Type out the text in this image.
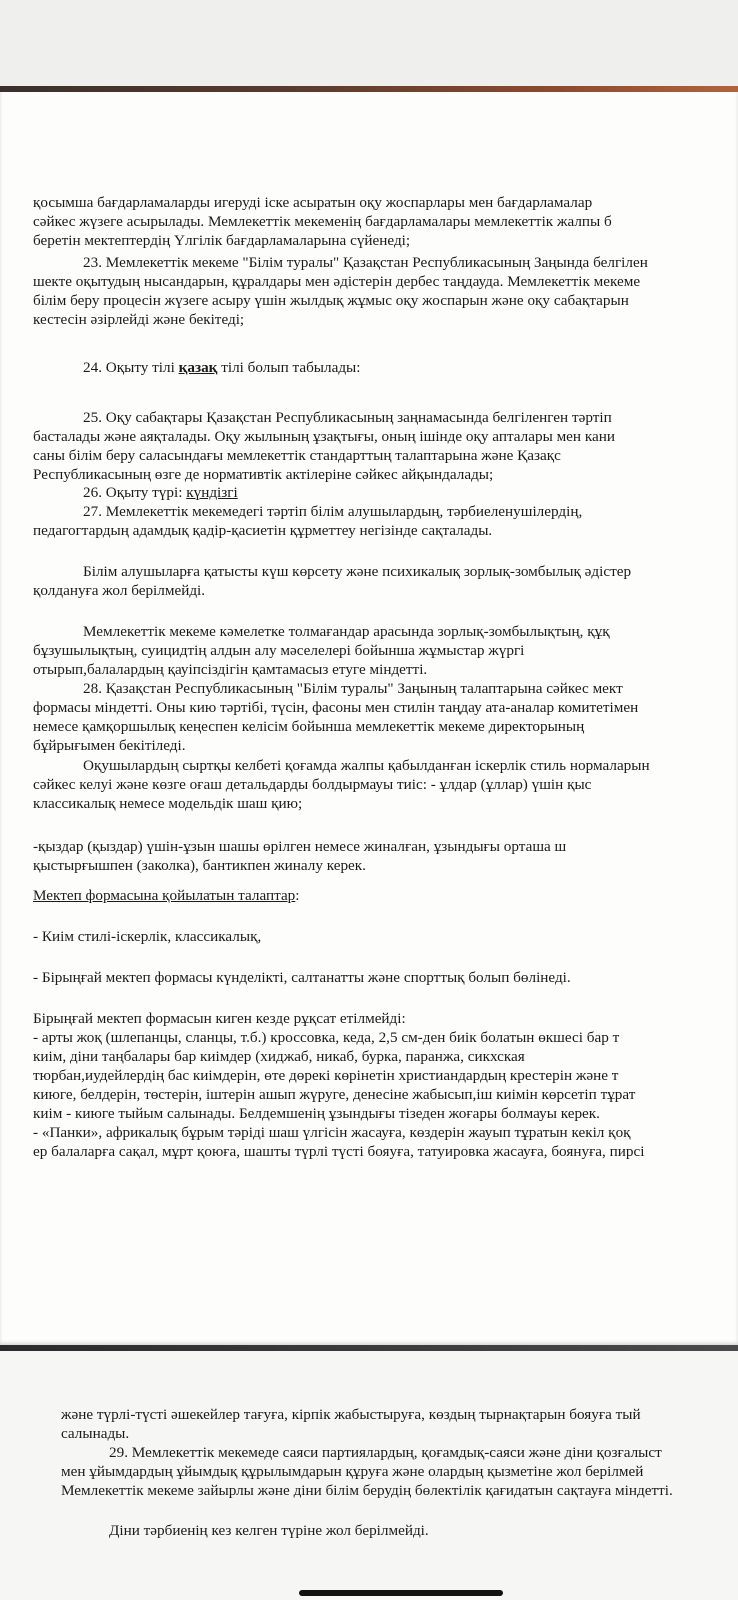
қосымша бағдарламаларды игеруді іске асыратын оқу жоспарлары мен бағдарламалар

сәйкес жүзеге асырылады. Мемлекеттік мекеменің бағдарламалары мемлекеттік жалпы б

беретін мектептердің Үлгілік бағдарламаларына сүйенеді;

23. Мемлекеттік мекеме "Білім туралы" Қазақстан Республикасының Заңында белгілен

шекте оқытудың нысандарын, құралдары мен әдістерін дербес таңдауда. Мемлекеттік мекеме

білім беру процесін жүзеге асыру үшін жылдық жұмыс оқу жоспарын және оқу сабақтарын

кестесін әзірлейді және бекітеді;

24. Оқыту тілі қазақ тілі болып табылады:

25. Оқу сабақтары Қазақстан Республикасының заңнамасында белгіленген тәртіп

басталады және аяқталады. Оқу жылының ұзақтығы, оның ішінде оқу апталары мен кани

саны білім беру саласындағы мемлекеттік стандарттың талаптарына және Қазақс

Республикасының өзге де нормативтік актілеріне сәйкес айқындалады;

26. Оқыту түрі: күндізгі

27. Мемлекеттік мекемедегі тәртіп білім алушылардың, тәрбиеленушілердің,

педагогтардың адамдық қадір-қасиетін құрметтеу негізінде сақталады.

Білім алушыларға қатысты күш көрсету және психикалық зорлық-зомбылық әдістер

қолдануға жол берілмейді.

Мемлекеттік мекеме кәмелетке толмағандар арасында зорлық-зомбылықтың, құқ

бұзушылықтың, суицидтің алдын алу мәселелері бойынша жұмыстар жүргі

отырып,балалардың қауіпсіздігін қамтамасыз етуге міндетті.

28. Қазақстан Республикасының "Білім туралы" Заңының талаптарына сәйкес мект

формасы міндетті. Оны кию тәртібі, түсін, фасоны мен стилін таңдау ата-аналар комитетімен

немесе қамқоршылық кеңеспен келісім бойынша мемлекеттік мекеме директорының

бұйрығымен бекітіледі.

Оқушылардың сыртқы келбеті қоғамда жалпы қабылданған іскерлік стиль нормаларын

сәйкес келуі және көзге оғаш детальдарды болдырмауы тиіс: - ұлдар (ұллар) үшін қыс

классикалық немесе модельдік шаш қию;

-қыздар (қыздар) үшін-ұзын шашы өрілген немесе жиналған, ұзындығы орташа ш

қыстырғышпен (заколка), бантикпен жиналу керек.

Мектеп формасына қойылатын талаптар:

- Киім стилі-іскерлік, классикалық,

- Бірыңғай мектеп формасы күнделікті, салтанатты және спорттық болып бөлінеді.

Бірыңғай мектеп формасын киген кезде рұқсат етілмейді:

- арты жоқ (шлепанцы, сланцы, т.б.) кроссовка, кеда, 2,5 см-ден биік болатын өкшесі бар т

киім, діни таңбалары бар киімдер (хиджаб, никаб, бурка, паранжа, сикхская

тюрбан,иудейлердің бас киімдерін, өте дөрекі көрінетін христиандардың крестерін және т

киюге, белдерін, төстерін, іштерін ашып жүруге, денесіне жабысып,іш киімін көрсетіп тұрат

киім - киюге тыйым салынады. Белдемшенің ұзындығы тізеден жоғары болмауы керек.

- «Панки», африкалық бұрым тәріді шаш үлгісін жасауға, көздерін жауып тұратын кекіл қоқ

ер балаларға сақал, мұрт қоюға, шашты түрлі түсті бояуға, татуировка жасауға, боянуға, пирсі

және түрлі-түсті әшекейлер тағуға, кірпік жабыстыруға, көздың тырнақтарын бояуға тый

салынады.

29. Мемлекеттік мекемеде саяси партиялардың, қоғамдық-саяси және діни қозғалыст

мен ұйымдардың ұйымдық құрылымдарын құруға және олардың қызметіне жол берілмей

Мемлекеттік мекеме зайырлы және діни білім берудің бөлектілік қағидатын сақтауға міндетті.

Діни тәрбиенің кез келген түріне жол берілмейді.
